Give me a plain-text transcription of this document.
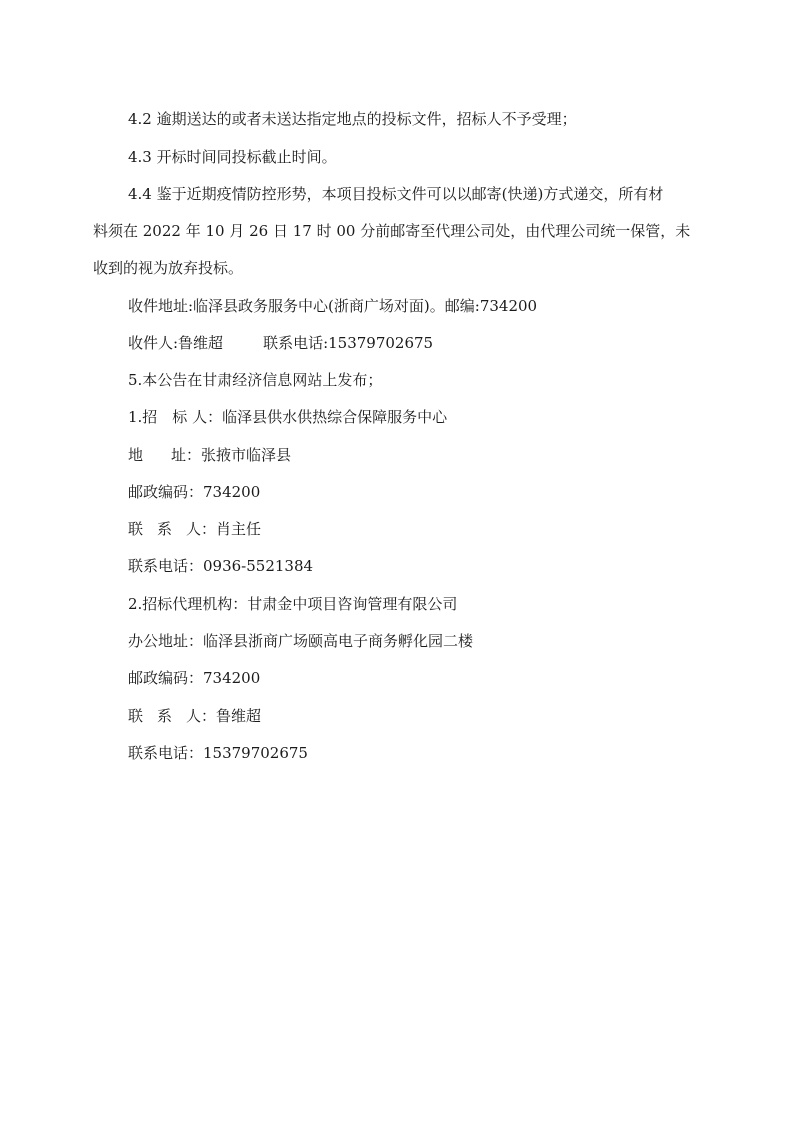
4.2 逾期送达的或者未送达指定地点的投标文件，招标人不予受理；
4.3 开标时间同投标截止时间。
4.4 鉴于近期疫情防控形势，本项目投标文件可以以邮寄(快递)方式递交，所有材
料须在 2022 年 10 月 26 日 17 时 00 分前邮寄至代理公司处，由代理公司统一保管，未
收到的视为放弃投标。
收件地址:临泽县政务服务中心(浙商广场对面)。邮编:734200
收件人:鲁维超	联系电话:15379702675
5.本公告在甘肃经济信息网站上发布；
1.招　标 人：临泽县供水供热综合保障服务中心
地 址：张掖市临泽县
邮政编码：734200
联 系 人：肖主任
联系电话：0936-5521384
2.招标代理机构：甘肃金中项目咨询管理有限公司
办公地址：临泽县浙商广场颐高电子商务孵化园二楼
邮政编码：734200
联 系 人：鲁维超
联系电话：15379702675
